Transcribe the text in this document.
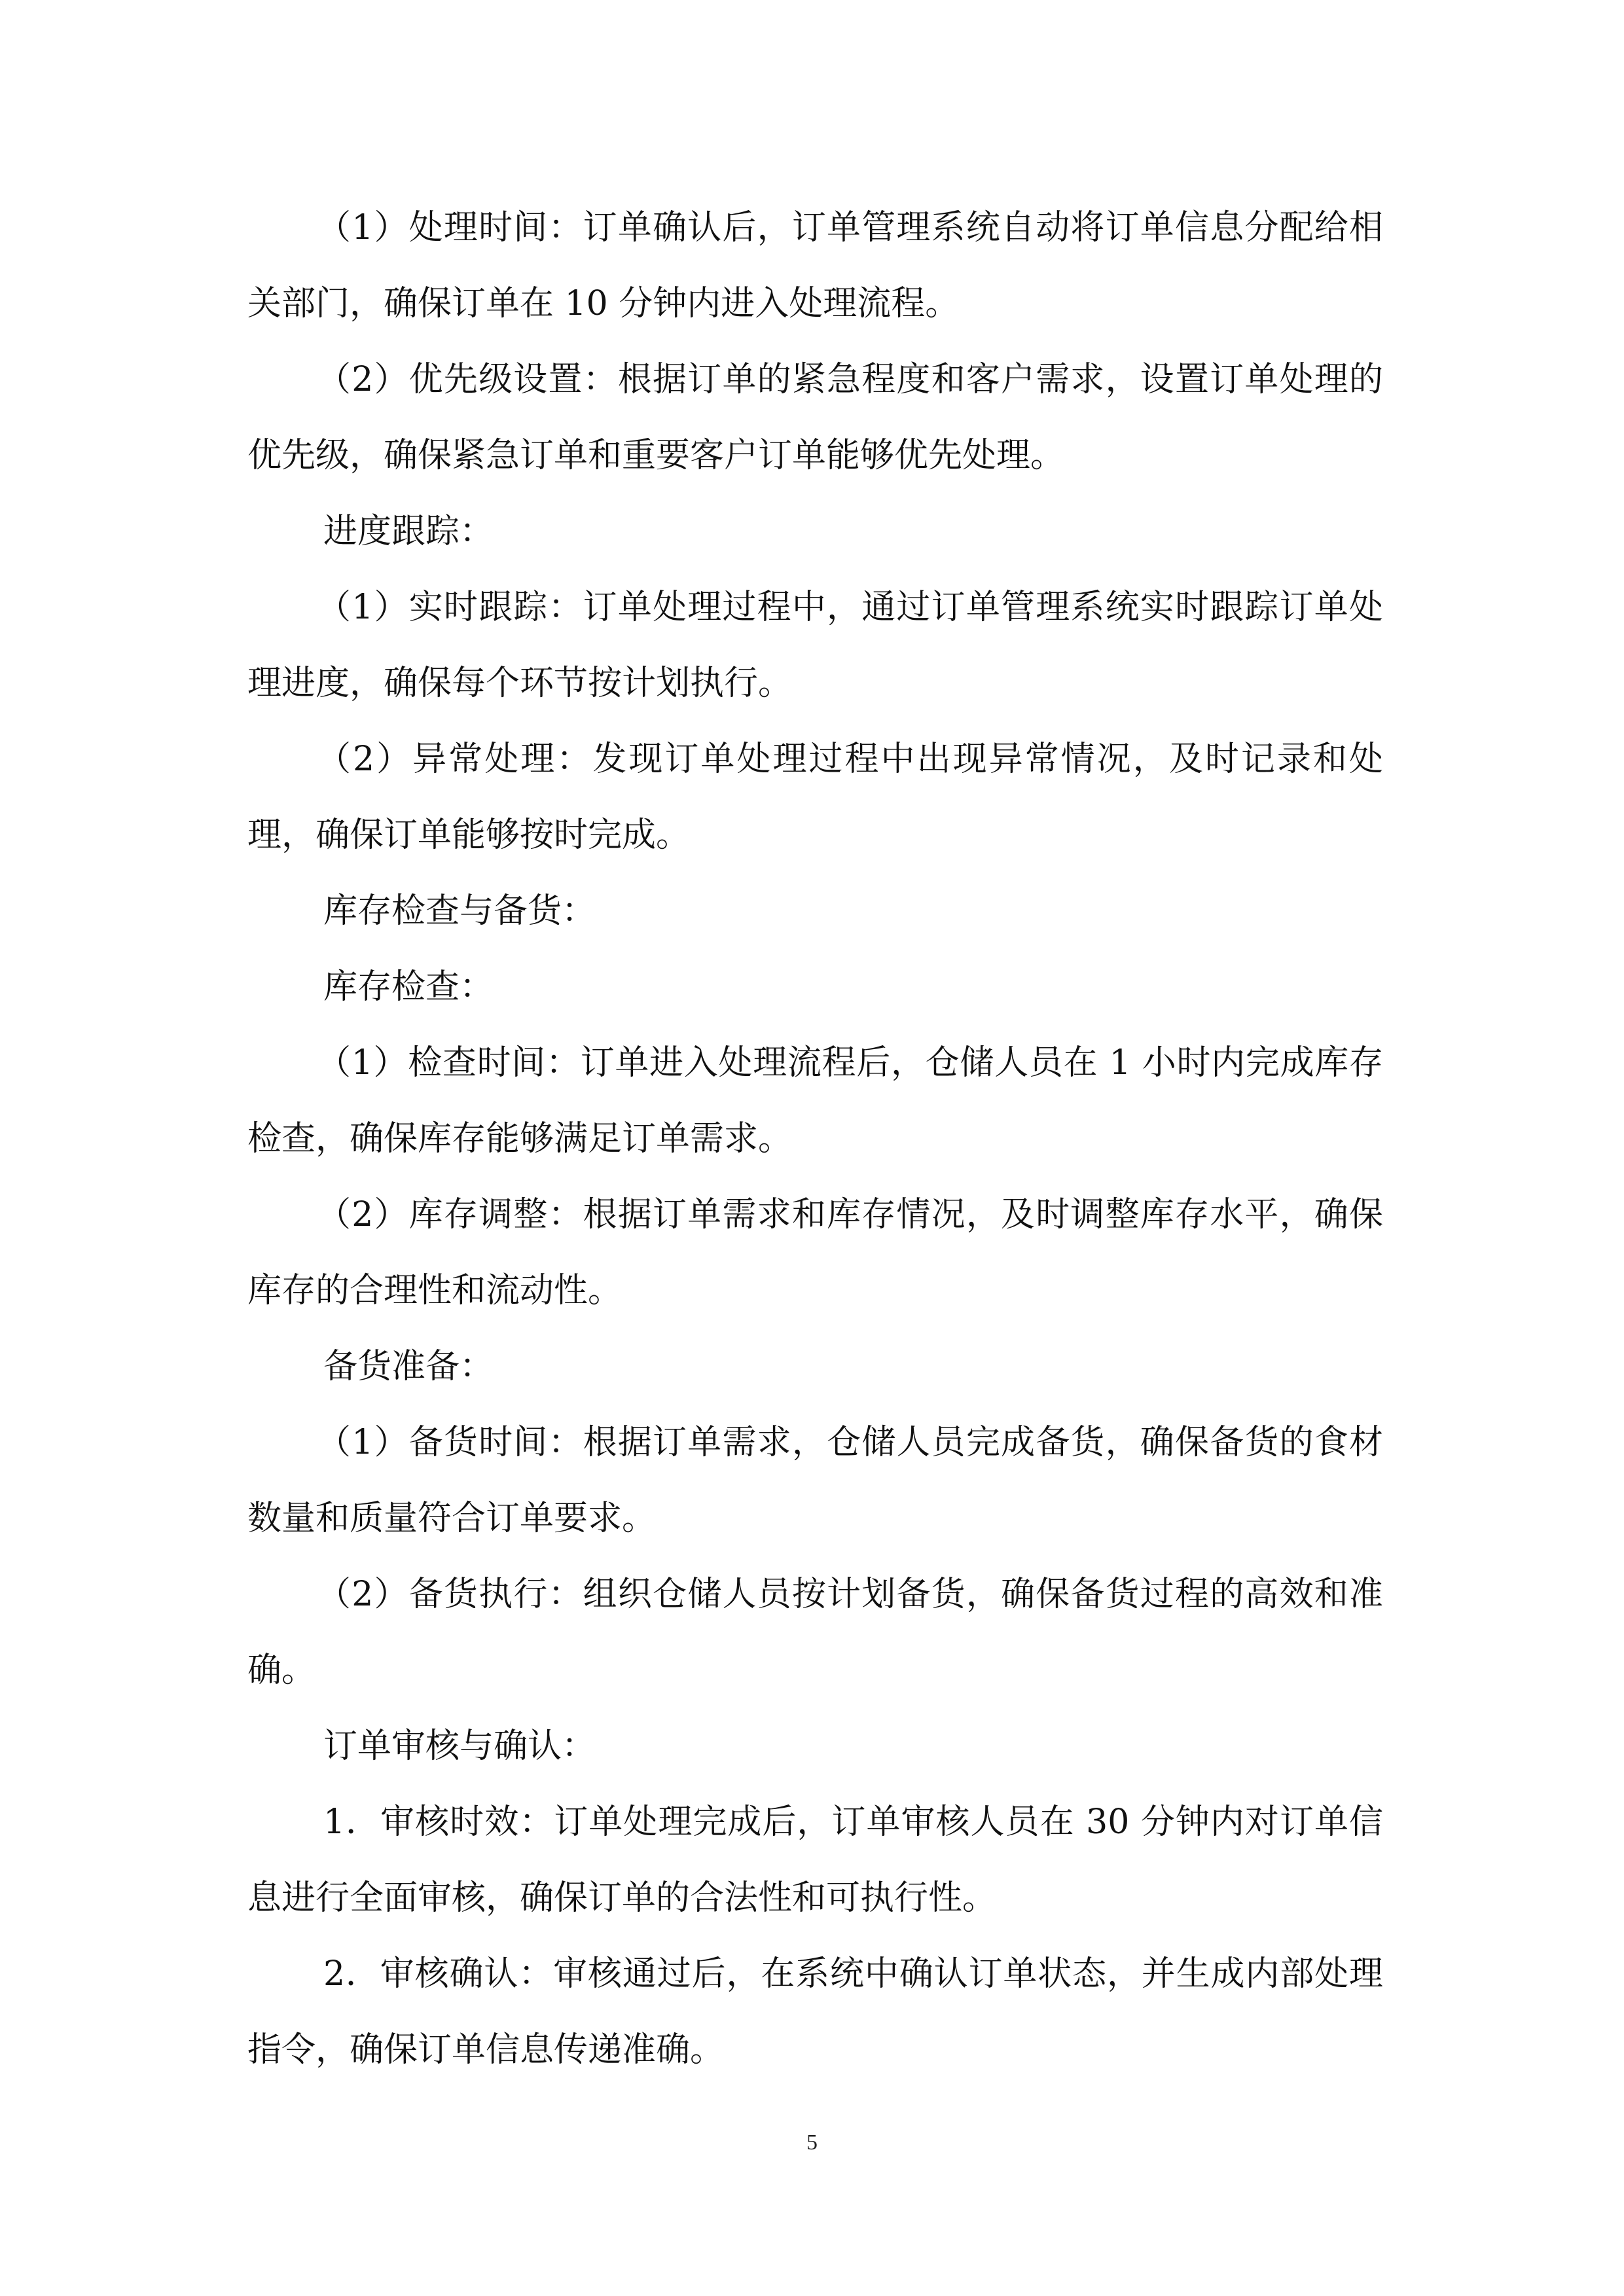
（1）处理时间：订单确认后，订单管理系统自动将订单信息分配给相关部门，确保订单在 10 分钟内进入处理流程。

（2）优先级设置：根据订单的紧急程度和客户需求，设置订单处理的优先级，确保紧急订单和重要客户订单能够优先处理。

进度跟踪：

（1）实时跟踪：订单处理过程中，通过订单管理系统实时跟踪订单处理进度，确保每个环节按计划执行。

（2）异常处理：发现订单处理过程中出现异常情况，及时记录和处理，确保订单能够按时完成。

库存检查与备货：

库存检查：

（1）检查时间：订单进入处理流程后，仓储人员在 1 小时内完成库存检查，确保库存能够满足订单需求。

（2）库存调整：根据订单需求和库存情况，及时调整库存水平，确保库存的合理性和流动性。

备货准备：

（1）备货时间：根据订单需求，仓储人员完成备货，确保备货的食材数量和质量符合订单要求。

（2）备货执行：组织仓储人员按计划备货，确保备货过程的高效和准确。

订单审核与确认：

1．审核时效：订单处理完成后，订单审核人员在 30 分钟内对订单信息进行全面审核，确保订单的合法性和可执行性。

2．审核确认：审核通过后，在系统中确认订单状态，并生成内部处理指令，确保订单信息传递准确。

5
